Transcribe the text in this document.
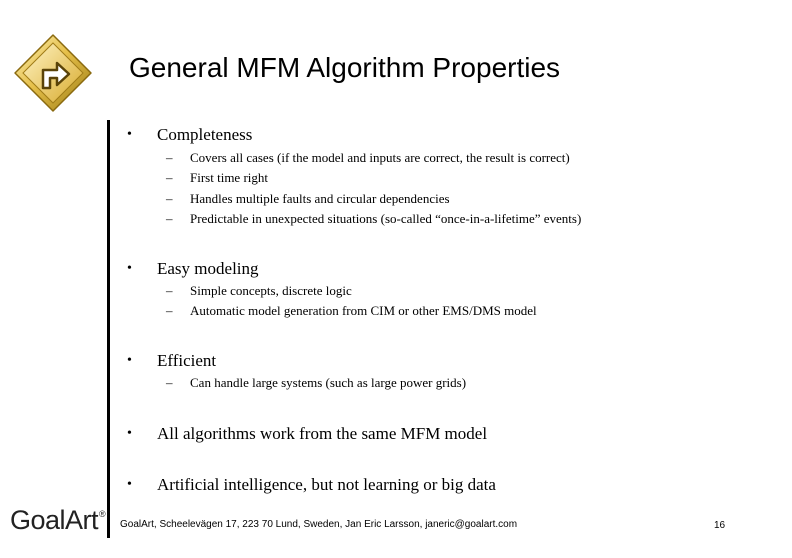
General MFM Algorithm Properties
• Completeness
– Covers all cases (if the model and inputs are correct, the result is correct)
– First time right
– Handles multiple faults and circular dependencies
– Predictable in unexpected situations (so-called “once-in-a-lifetime” events)
• Easy modeling
– Simple concepts, discrete logic
– Automatic model generation from CIM or other EMS/DMS model
• Efficient
– Can handle large systems (such as large power grids)
• All algorithms work from the same MFM model
• Artificial intelligence, but not learning or big data
GoalArt®
GoalArt, Scheelevägen 17, 223 70 Lund, Sweden, Jan Eric Larsson, janeric@goalart.com	16
